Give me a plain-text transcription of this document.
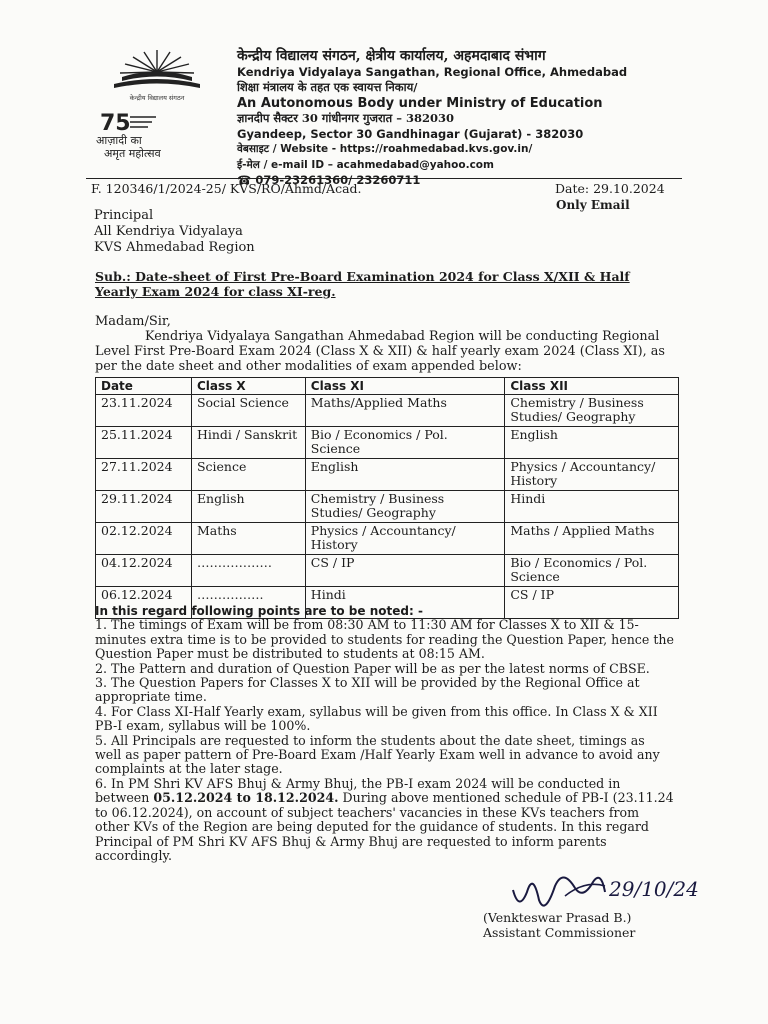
केन्द्रीय विद्यालय संगठन
75
आज़ादी का
अमृत महोत्सव
केन्द्रीय विद्यालय संगठन, क्षेत्रीय कार्यालय, अहमदाबाद संभाग
Kendriya Vidyalaya Sangathan, Regional Office, Ahmedabad
शिक्षा मंत्रालय के तहत एक स्वायत्त निकाय/
An Autonomous Body under Ministry of Education
ज्ञानदीप सैक्टर 30 गांधीनगर गुजरात – 382030
Gyandeep, Sector 30 Gandhinagar (Gujarat) - 382030
वेबसाइट / Website - https://roahmedabad.kvs.gov.in/
ई-मेल / e-mail ID – acahmedabad@yahoo.com
☎ 079-23261360/ 23260711
F. 120346/1/2024-25/ KVS/RO/Ahmd/Acad.	Date: 29.10.2024
Only Email
Principal
All Kendriya Vidyalaya
KVS Ahmedabad Region
Sub.: Date-sheet of First Pre-Board Examination 2024 for Class X/XII & Half Yearly Exam 2024 for class XI-reg.
Madam/Sir,
Kendriya Vidyalaya Sangathan Ahmedabad Region will be conducting Regional Level First Pre-Board Exam 2024 (Class X & XII) & half yearly exam 2024 (Class XI), as per the date sheet and other modalities of exam appended below:
Date	Class X	Class XI	Class XII
23.11.2024	Social Science	Maths/Applied Maths	Chemistry / Business Studies/ Geography
25.11.2024	Hindi / Sanskrit	Bio / Economics / Pol. Science	English
27.11.2024	Science	English	Physics / Accountancy/ History
29.11.2024	English	Chemistry / Business Studies/ Geography	Hindi
02.12.2024	Maths	Physics / Accountancy/ History	Maths / Applied Maths
04.12.2024	………………	CS / IP	Bio / Economics / Pol. Science
06.12.2024	…………….	Hindi	CS / IP
In this regard following points are to be noted: -
1. The timings of Exam will be from 08:30 AM to 11:30 AM for Classes X to XII & 15-minutes extra time is to be provided to students for reading the Question Paper, hence the Question Paper must be distributed to students at 08:15 AM.
2. The Pattern and duration of Question Paper will be as per the latest norms of CBSE.
3. The Question Papers for Classes X to XII will be provided by the Regional Office at appropriate time.
4. For Class XI-Half Yearly exam, syllabus will be given from this office. In Class X & XII PB-I exam, syllabus will be 100%.
5. All Principals are requested to inform the students about the date sheet, timings as well as paper pattern of Pre-Board Exam /Half Yearly Exam well in advance to avoid any complaints at the later stage.
6. In PM Shri KV AFS Bhuj & Army Bhuj, the PB-I exam 2024 will be conducted in between 05.12.2024 to 18.12.2024. During above mentioned schedule of PB-I (23.11.24 to 06.12.2024), on account of subject teachers' vacancies in these KVs teachers from other KVs of the Region are being deputed for the guidance of students. In this regard Principal of PM Shri KV AFS Bhuj & Army Bhuj are requested to inform parents accordingly.
29/10/24
(Venkteswar Prasad B.)
Assistant Commissioner
